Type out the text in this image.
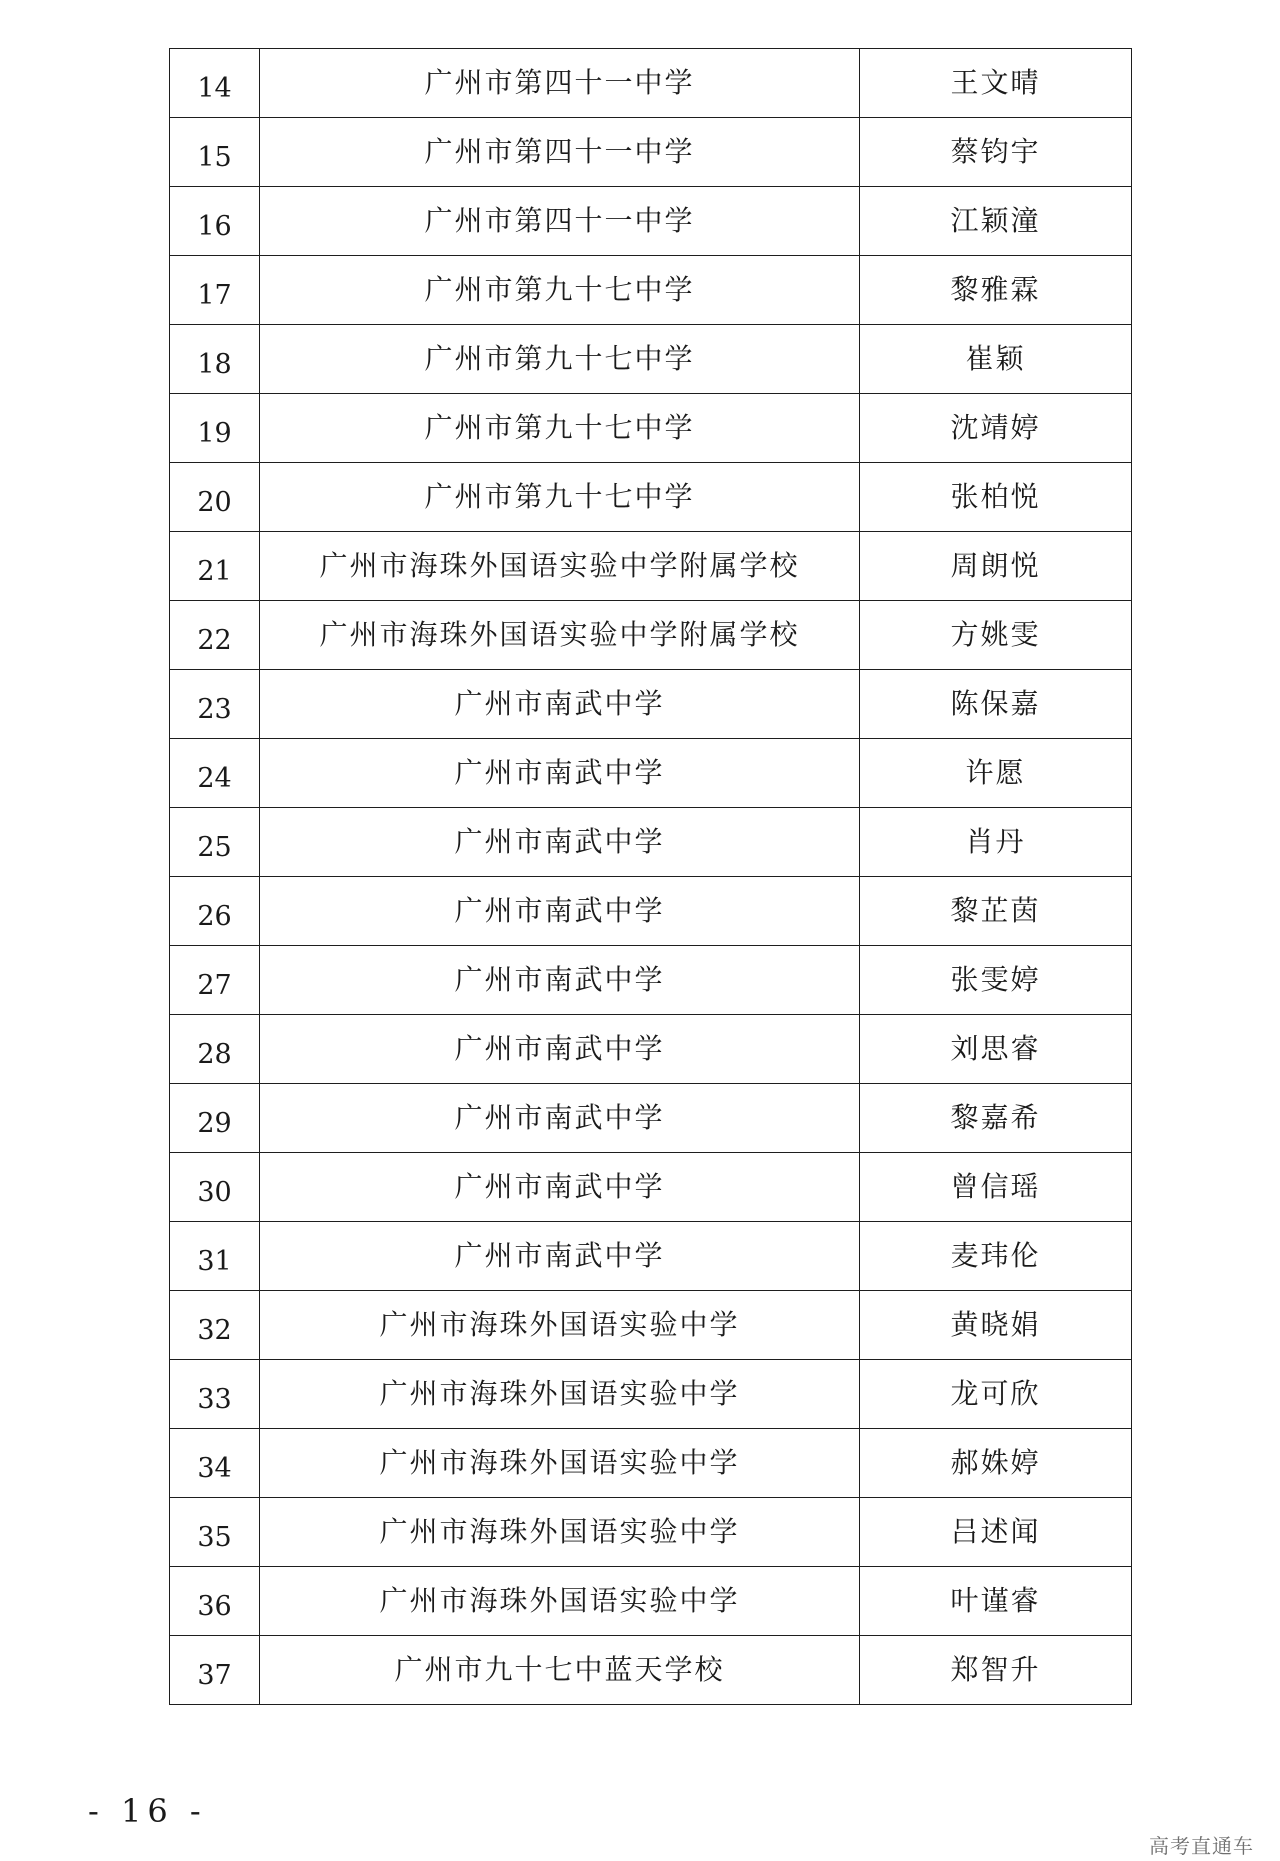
14	广州市第四十一中学	王文晴
15	广州市第四十一中学	蔡钧宇
16	广州市第四十一中学	江颖潼
17	广州市第九十七中学	黎雅霖
18	广州市第九十七中学	崔颖
19	广州市第九十七中学	沈靖婷
20	广州市第九十七中学	张柏悦
21	广州市海珠外国语实验中学附属学校	周朗悦
22	广州市海珠外国语实验中学附属学校	方姚雯
23	广州市南武中学	陈保嘉
24	广州市南武中学	许愿
25	广州市南武中学	肖丹
26	广州市南武中学	黎芷茵
27	广州市南武中学	张雯婷
28	广州市南武中学	刘思睿
29	广州市南武中学	黎嘉希
30	广州市南武中学	曾信瑶
31	广州市南武中学	麦玮伦
32	广州市海珠外国语实验中学	黄晓娟
33	广州市海珠外国语实验中学	龙可欣
34	广州市海珠外国语实验中学	郝姝婷
35	广州市海珠外国语实验中学	吕述闻
36	广州市海珠外国语实验中学	叶谨睿
37	广州市九十七中蓝天学校	郑智升
- 16 -
高考直通车
